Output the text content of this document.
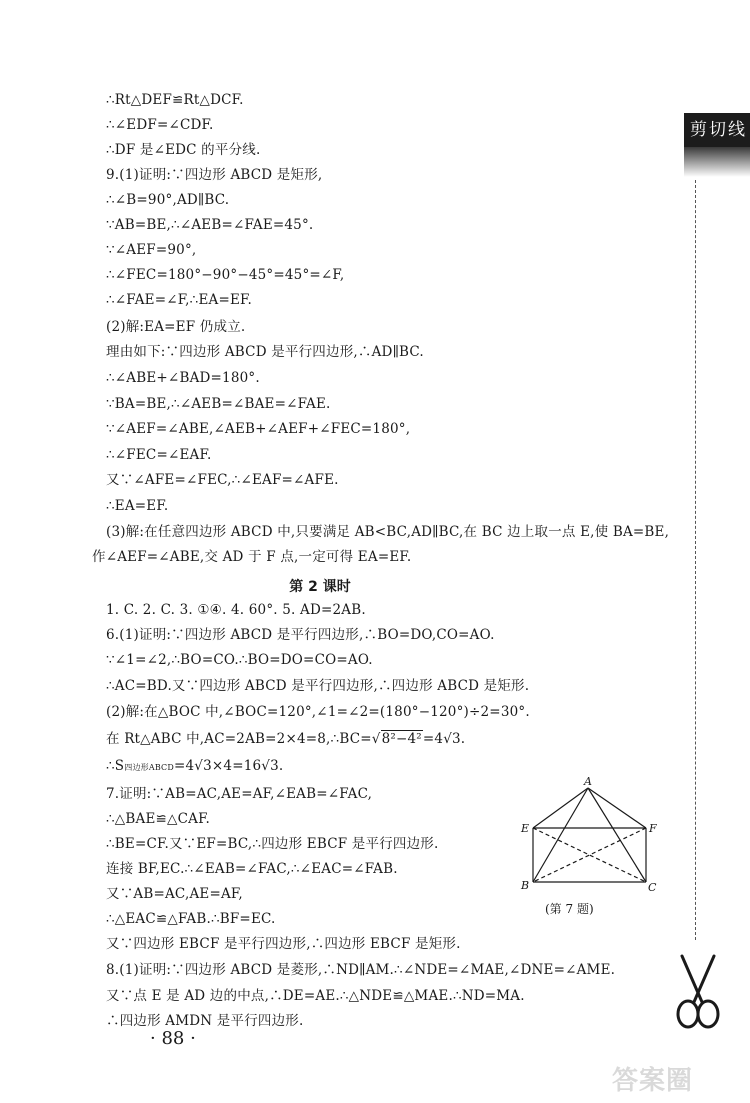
∴Rt△DEF≌Rt△DCF.
∴∠EDF=∠CDF.
∴DF 是∠EDC 的平分线.
9.(1)证明:∵四边形 ABCD 是矩形,
∴∠B=90°,AD∥BC.
∵AB=BE,∴∠AEB=∠FAE=45°.
∵∠AEF=90°,
∴∠FEC=180°−90°−45°=45°=∠F,
∴∠FAE=∠F,∴EA=EF.
(2)解:EA=EF 仍成立.
理由如下:∵四边形 ABCD 是平行四边形,∴AD∥BC.
∴∠ABE+∠BAD=180°.
∵BA=BE,∴∠AEB=∠BAE=∠FAE.
∵∠AEF=∠ABE,∠AEB+∠AEF+∠FEC=180°,
∴∠FEC=∠EAF.
又∵∠AFE=∠FEC,∴∠EAF=∠AFE.
∴EA=EF.
(3)解:在任意四边形 ABCD 中,只要满足 AB<BC,AD∥BC,在 BC 边上取一点 E,使 BA=BE,
作∠AEF=∠ABE,交 AD 于 F 点,一定可得 EA=EF.
第 2 课时
1. C. 2. C. 3. ①④. 4. 60°. 5. AD=2AB.
6.(1)证明:∵四边形 ABCD 是平行四边形,∴BO=DO,CO=AO.
∵∠1=∠2,∴BO=CO.∴BO=DO=CO=AO.
∴AC=BD.又∵四边形 ABCD 是平行四边形,∴四边形 ABCD 是矩形.
(2)解:在△BOC 中,∠BOC=120°,∠1=∠2=(180°−120°)÷2=30°.
在 Rt△ABC 中,AC=2AB=2×4=8,∴BC=√8²−4²=4√3.
∴S四边形ABCD=4√3×4=16√3.
7.证明:∵AB=AC,AE=AF,∠EAB=∠FAC,
∴△BAE≌△CAF.
∴BE=CF.又∵EF=BC,∴四边形 EBCF 是平行四边形.
连接 BF,EC.∴∠EAB=∠FAC,∴∠EAC=∠FAB.
又∵AB=AC,AE=AF,
∴△EAC≌△FAB.∴BF=EC.
又∵四边形 EBCF 是平行四边形,∴四边形 EBCF 是矩形.
8.(1)证明:∵四边形 ABCD 是菱形,∴ND∥AM.∴∠NDE=∠MAE,∠DNE=∠AME.
又∵点 E 是 AD 边的中点,∴DE=AE.∴△NDE≌△MAE.∴ND=MA.
∴四边形 AMDN 是平行四边形.
A
E	F
B	C
(第 7 题)
剪切线
· 88 ·
答案圈
